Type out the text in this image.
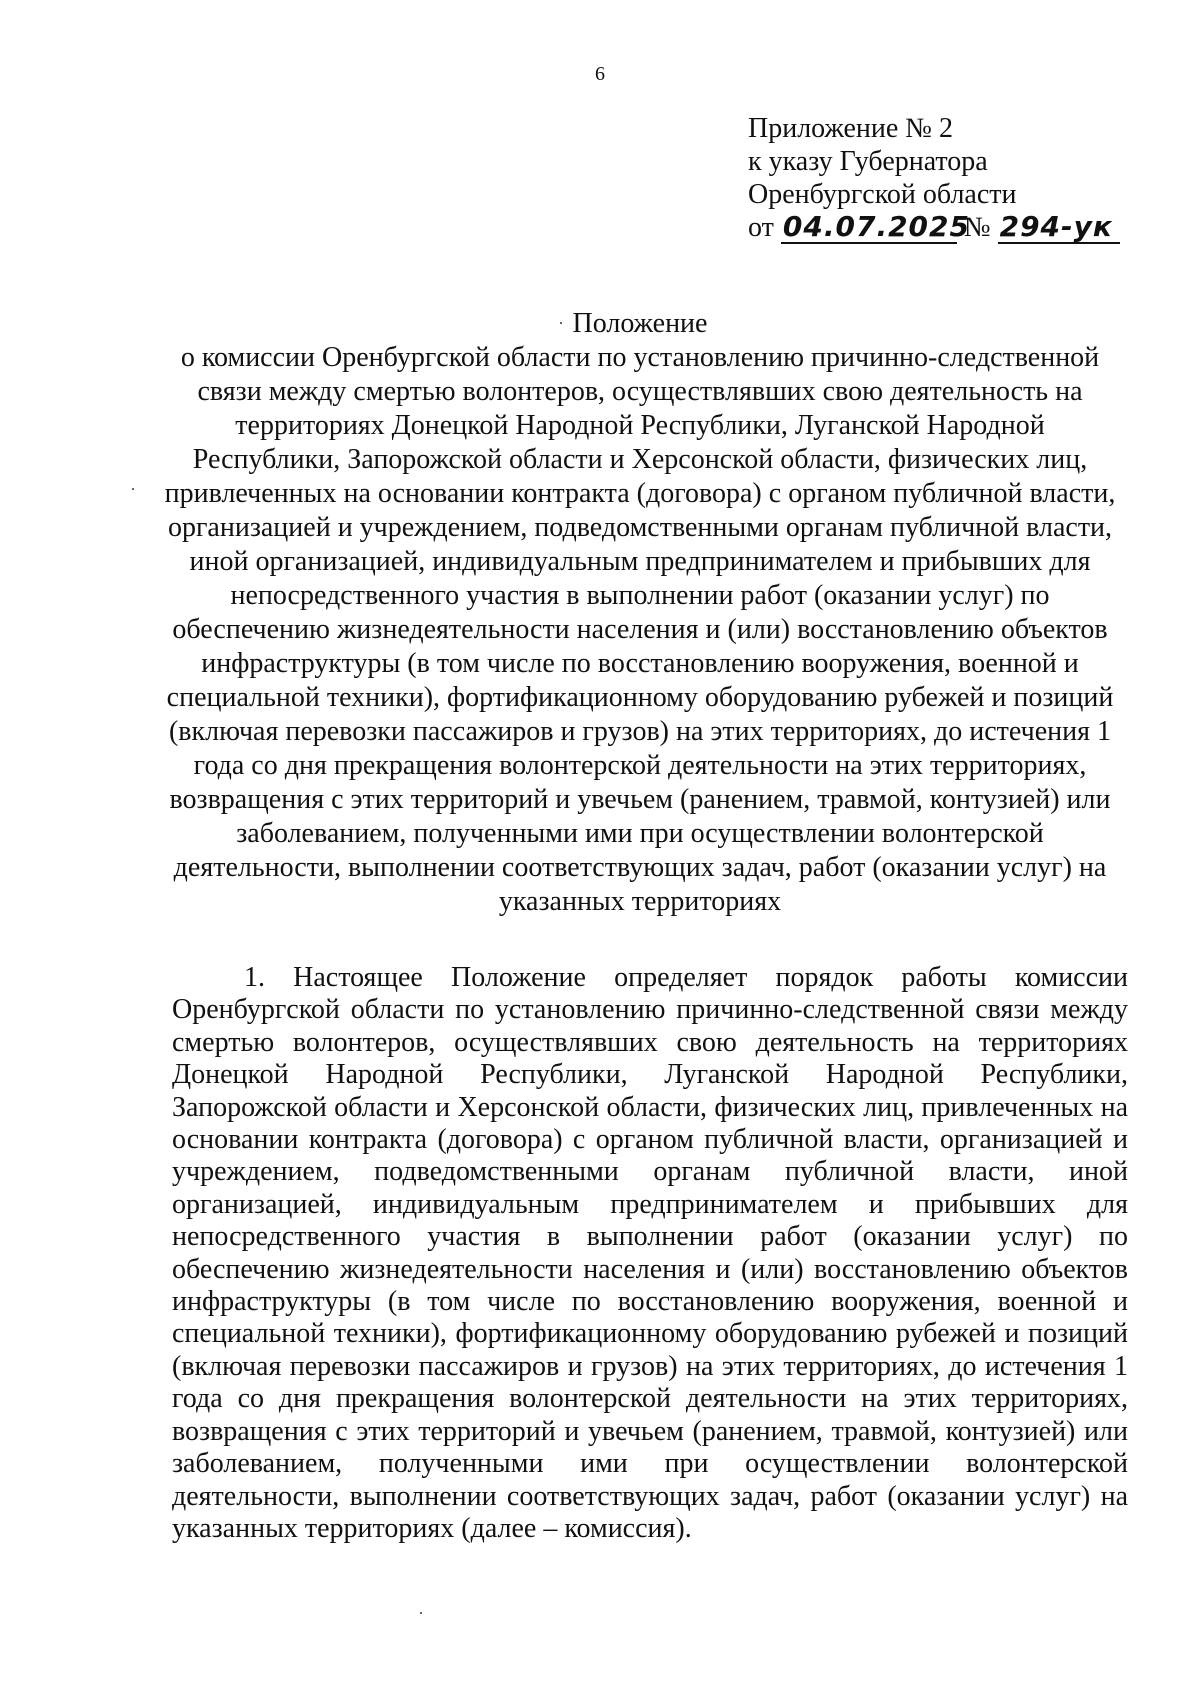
6
Приложение № 2
к указу Губернатора
Оренбургской области
от 04.07.2025 № 294-ук
Положение
о комиссии Оренбургской области по установлению причинно-следственной связи между смертью волонтеров, осуществлявших свою деятельность на территориях Донецкой Народной Республики, Луганской Народной Республики, Запорожской области и Херсонской области, физических лиц, привлеченных на основании контракта (договора) с органом публичной власти, организацией и учреждением, подведомственными органам публичной власти, иной организацией, индивидуальным предпринимателем и прибывших для непосредственного участия в выполнении работ (оказании услуг) по обеспечению жизнедеятельности населения и (или) восстановлению объектов инфраструктуры (в том числе по восстановлению вооружения, военной и специальной техники), фортификационному оборудованию рубежей и позиций (включая перевозки пассажиров и грузов) на этих территориях, до истечения 1 года со дня прекращения волонтерской деятельности на этих территориях, возвращения с этих территорий и увечьем (ранением, травмой, контузией) или заболеванием, полученными ими при осуществлении волонтерской деятельности, выполнении соответствующих задач, работ (оказании услуг) на указанных территориях
1. Настоящее Положение определяет порядок работы комиссии Оренбургской области по установлению причинно-следственной связи между смертью волонтеров, осуществлявших свою деятельность на территориях Донецкой Народной Республики, Луганской Народной Республики, Запорожской области и Херсонской области, физических лиц, привлеченных на основании контракта (договора) с органом публичной власти, организацией и учреждением, подведомственными органам публичной власти, иной организацией, индивидуальным предпринимателем и прибывших для непосредственного участия в выполнении работ (оказании услуг) по обеспечению жизнедеятельности населения и (или) восстановлению объектов инфраструктуры (в том числе по восстановлению вооружения, военной и специальной техники), фортификационному оборудованию рубежей и позиций (включая перевозки пассажиров и грузов) на этих территориях, до истечения 1 года со дня прекращения волонтерской деятельности на этих территориях, возвращения с этих территорий и увечьем (ранением, травмой, контузией) или заболеванием, полученными ими при осуществлении волонтерской деятельности, выполнении соответствующих задач, работ (оказании услуг) на указанных территориях (далее – комиссия).
